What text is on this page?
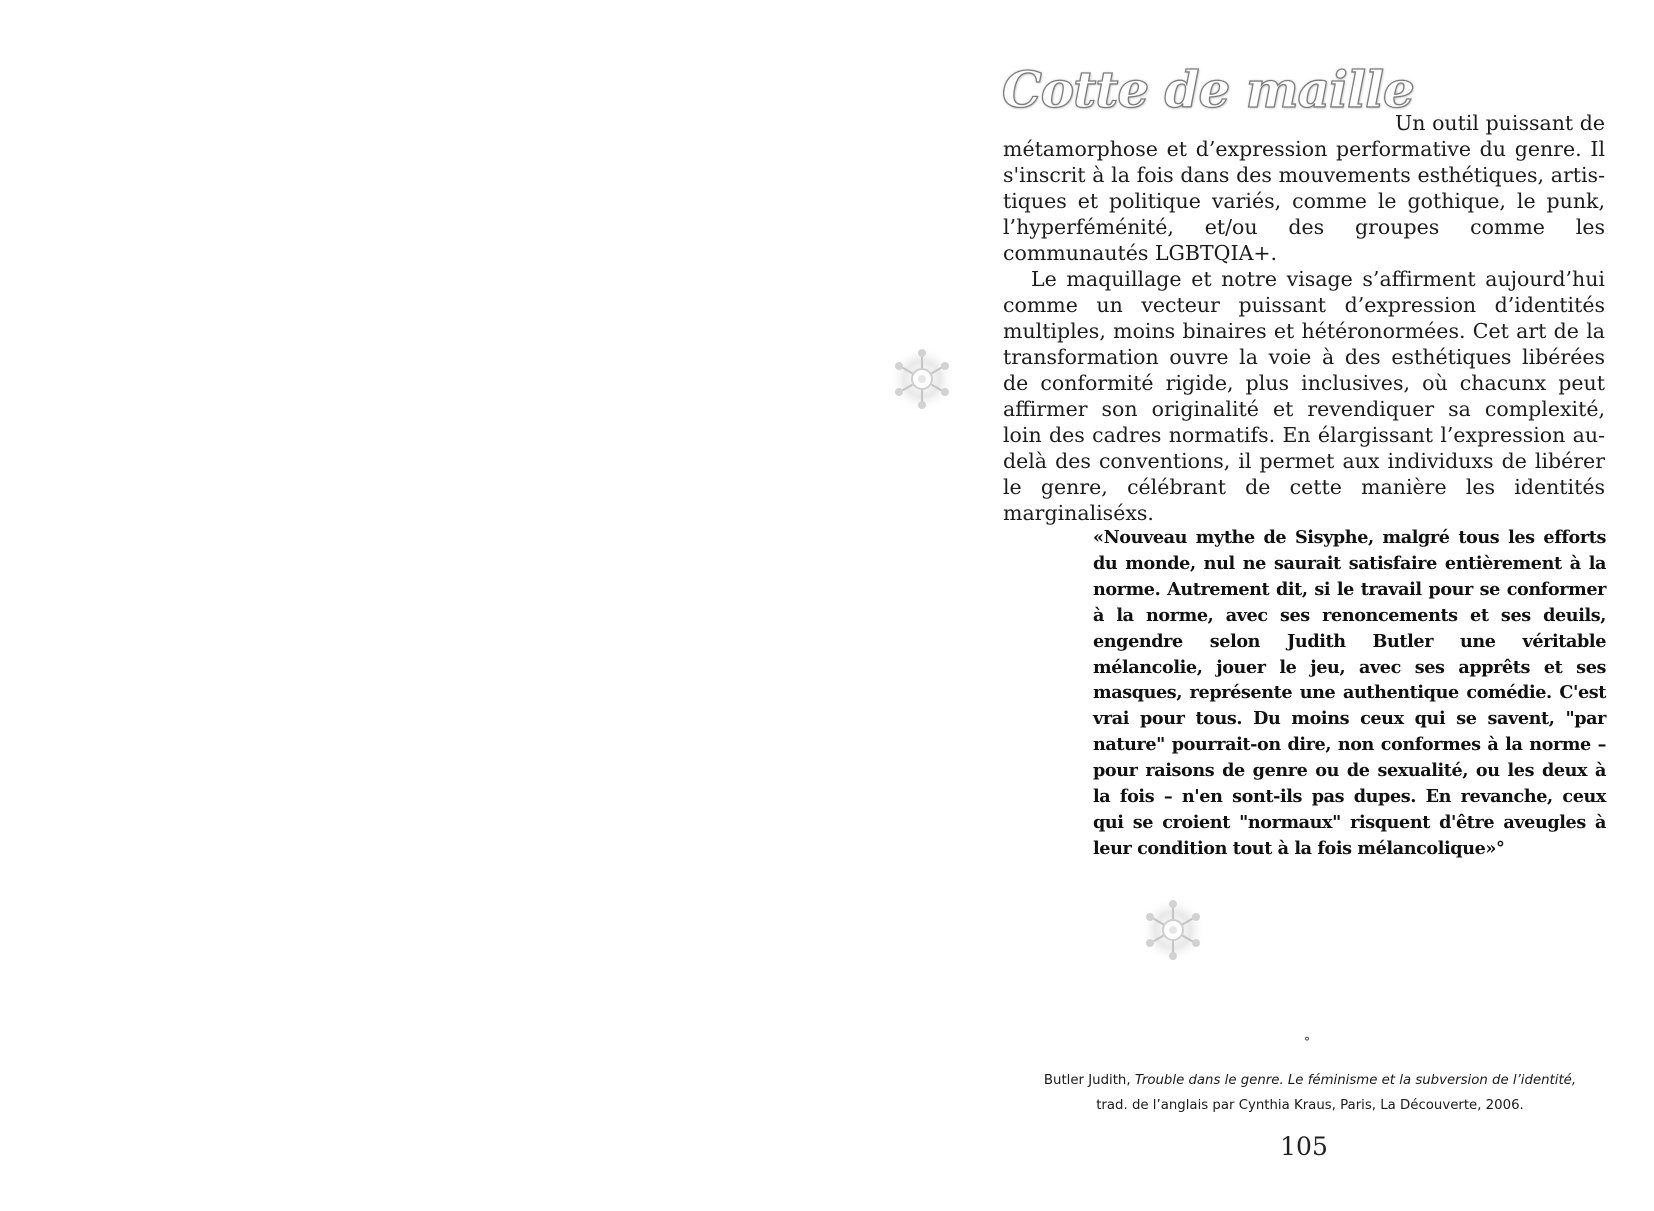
Cotte de maille

Un outil puissant de métamorphose et d’expression performative du genre. Il s'inscrit à la fois dans des mouvements esthétiques, artistiques et politique variés, comme le gothique, le punk, l’hyperféménité, et/ou des groupes comme les communautés LGBTQIA+.

Le maquillage et notre visage s’affirment aujourd’hui comme un vecteur puissant d’expression d’identités multiples, moins binaires et hétéronormées. Cet art de la transformation ouvre la voie à des esthétiques libérées de conformité rigide, plus inclusives, où chacunx peut affirmer son originalité et revendiquer sa complexité, loin des cadres normatifs. En élargissant l’expression au-delà des conventions, il permet aux individuxs de libérer le genre, célébrant de cette manière les identités marginaliséxs.

«Nouveau mythe de Sisyphe, malgré tous les efforts du monde, nul ne saurait satisfaire entièrement à la norme. Autrement dit, si le travail pour se conformer à la norme, avec ses renoncements et ses deuils, engendre selon Judith Butler une véritable mélancolie, jouer le jeu, avec ses apprêts et ses masques, représente une authentique comédie. C'est vrai pour tous. Du moins ceux qui se savent, "par nature" pourrait-on dire, non conformes à la norme – pour raisons de genre ou de sexualité, ou les deux à la fois – n'en sont-ils pas dupes. En revanche, ceux qui se croient "normaux" risquent d'être aveugles à leur condition tout à la fois mélancolique»°

°
Butler Judith, Trouble dans le genre. Le féminisme et la subversion de l’identité,
trad. de l’anglais par Cynthia Kraus, Paris, La Découverte, 2006.
105
